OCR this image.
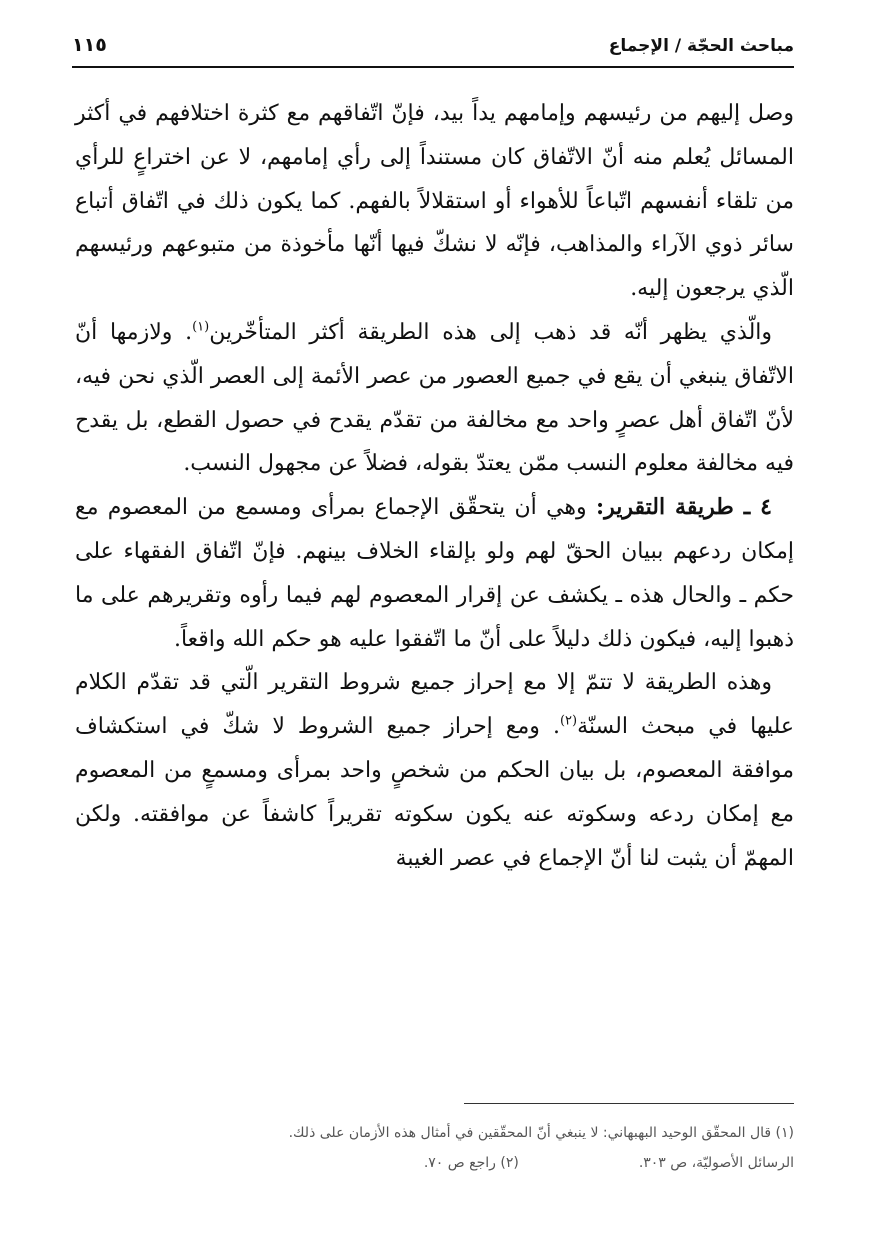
مباحث الحجّة / الإجماع
١١٥

وصل إليهم من رئيسهم وإمامهم يداً بيد، فإنّ اتّفاقهم مع كثرة اختلافهم في أكثر المسائل يُعلم منه أنّ الاتّفاق كان مستنداً إلى رأي إمامهم، لا عن اختراعٍ للرأي من تلقاء أنفسهم اتّباعاً للأهواء أو استقلالاً بالفهم. كما يكون ذلك في اتّفاق أتباع سائر ذوي الآراء والمذاهب، فإنّه لا نشكّ فيها أنّها مأخوذة من متبوعهم ورئيسهم الّذي يرجعون إليه.

والّذي يظهر أنّه قد ذهب إلى هذه الطريقة أكثر المتأخّرين$^{(١)}$. ولازمها أنّ الاتّفاق ينبغي أن يقع في جميع العصور من عصر الأئمة إلى العصر الّذي نحن فيه، لأنّ اتّفاق أهل عصرٍ واحد مع مخالفة من تقدّم يقدح في حصول القطع، بل يقدح فيه مخالفة معلوم النسب ممّن يعتدّ بقوله، فضلاً عن مجهول النسب.

٤ ـ طريقة التقرير: وهي أن يتحقّق الإجماع بمرأى ومسمع من المعصوم مع إمكان ردعهم ببيان الحقّ لهم ولو بإلقاء الخلاف بينهم. فإنّ اتّفاق الفقهاء على حكم ـ والحال هذه ـ يكشف عن إقرار المعصوم لهم فيما رأوه وتقريرهم على ما ذهبوا إليه، فيكون ذلك دليلاً على أنّ ما اتّفقوا عليه هو حكم الله واقعاً.

وهذه الطريقة لا تتمّ إلا مع إحراز جميع شروط التقرير الّتي قد تقدّم الكلام عليها في مبحث السنّة$^{(٢)}$. ومع إحراز جميع الشروط لا شكّ في استكشاف موافقة المعصوم، بل بيان الحكم من شخصٍ واحد بمرأى ومسمعٍ من المعصوم مع إمكان ردعه وسكوته عنه يكون سكوته تقريراً كاشفاً عن موافقته. ولكن المهمّ أن يثبت لنا أنّ الإجماع في عصر الغيبة

(١) قال المحقّق الوحيد البهبهاني: لا ينبغي أنّ المحقّقين في أمثال هذه الأزمان على ذلك.

الرسائل الأصوليّة، ص ٣٠٣.(٢) راجع ص ٧٠.
